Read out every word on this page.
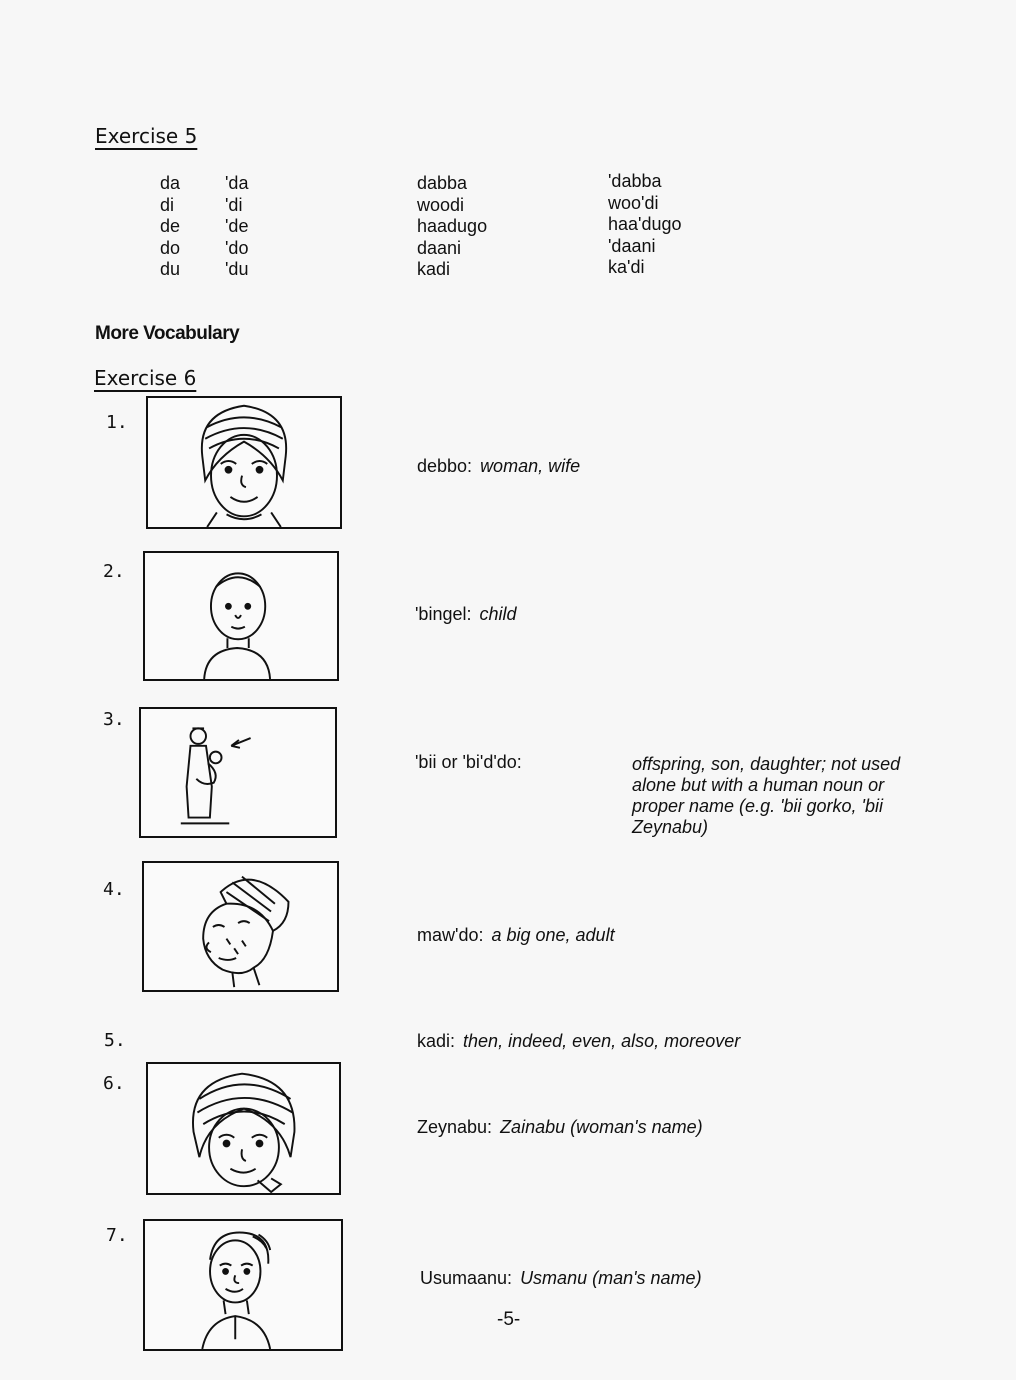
Exercise 5
da
di
de
do
du
'da
'di
'de
'do
'du
dabba
woodi
haadugo
daani
kadi
'dabba
woo'di
haa'dugo
'daani
ka'di
More Vocabulary
Exercise 6
1.
debbo: woman, wife
2.
'bingel: child
3.
'bii or 'bi'd'do:	offspring, son, daughter; not used alone but with a human noun or proper name (e.g. 'bii gorko, 'bii Zeynabu)
4.
maw'do: a big one, adult
5.	kadi: then, indeed, even, also, moreover
6.
Zeynabu: Zainabu (woman's name)
7.
Usumaanu: Usmanu (man's name)
-5-
